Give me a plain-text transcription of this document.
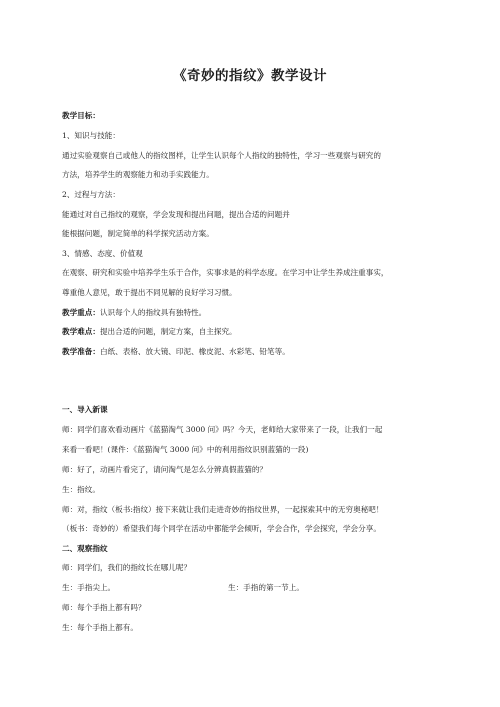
《奇妙的指纹》教学设计
教学目标：
1、知识与技能：
通过实验观察自己或他人的指纹图样，让学生认识每个人指纹的独特性，学习一些观察与研究的
方法，培养学生的观察能力和动手实践能力。
2、过程与方法：
能通过对自己指纹的观察，学会发现和提出问题，提出合适的问题并
能根据问题，制定简单的科学探究活动方案。
3、情感、态度、价值观
在观察、研究和实验中培养学生乐于合作，实事求是的科学态度。在学习中让学生养成注重事实，
尊重他人意见，敢于提出不同见解的良好学习习惯。
教学重点：认识每个人的指纹具有独特性。
教学难点：提出合适的问题，制定方案，自主探究。
教学准备：白纸、表格、放大镜、印泥、橡皮泥、水彩笔、铅笔等。
一、导入新课
师：同学们喜欢看动画片《蓝猫淘气 3000 问》吗？今天，老师给大家带来了一段，让我们一起
来看一看吧！(课件：《蓝猫淘气 3000 问》中的利用指纹识别蓝猫的一段)
师：好了，动画片看完了，请问淘气是怎么分辨真假蓝猫的？
生：指纹。
师：对，指纹（板书:指纹）接下来就让我们走进奇妙的指纹世界，一起探索其中的无穷奥秘吧！
（板书：奇妙的）希望我们每个同学在活动中都能学会倾听，学会合作，学会探究，学会分享。
二、观察指纹
师：同学们，我们的指纹长在哪儿呢？
生：手指尖上。	生：手指的第一节上。
师：每个手指上都有吗？
生：每个手指上都有。
